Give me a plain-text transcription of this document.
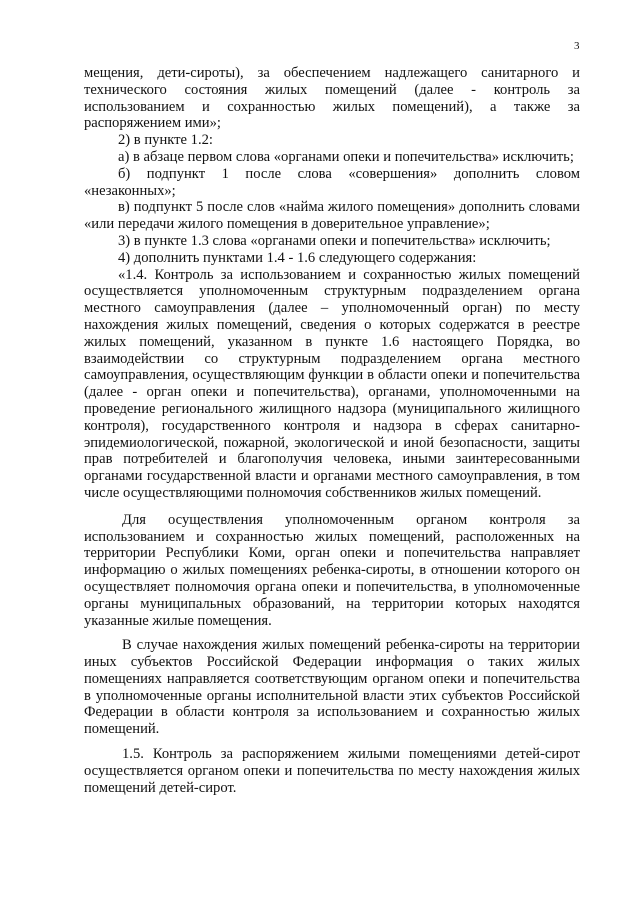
3

мещения, дети-сироты), за обеспечением надлежащего санитарного и технического состояния жилых помещений (далее - контроль за использованием и сохранностью жилых помещений), а также за распоряжением ими»;

2) в пункте 1.2:

а) в абзаце первом слова «органами опеки и попечительства» исключить;

б) подпункт 1 после слова «совершения» дополнить словом «незаконных»;

в) подпункт 5 после слов «найма жилого помещения» дополнить словами «или передачи жилого помещения в доверительное управление»;

3) в пункте 1.3 слова «органами опеки и попечительства» исключить;

4) дополнить пунктами 1.4 - 1.6 следующего содержания:

«1.4. Контроль за использованием и сохранностью жилых помещений осуществляется уполномоченным структурным подразделением органа местного самоуправления (далее – уполномоченный орган) по месту нахождения жилых помещений, сведения о которых содержатся в реестре жилых помещений, указанном в пункте 1.6 настоящего Порядка, во взаимодействии со структурным подразделением органа местного самоуправления, осуществляющим функции в области опеки и попечительства (далее - орган опеки и попечительства), органами, уполномоченными на проведение регионального жилищного надзора (муниципального жилищного контроля), государственного контроля и надзора в сферах санитарно-эпидемиологической, пожарной, экологической и иной безопасности, защиты прав потребителей и благополучия человека, иными заинтересованными органами государственной власти и органами местного самоуправления, в том числе осуществляющими полномочия собственников жилых помещений.

Для осуществления уполномоченным органом контроля за использованием и сохранностью жилых помещений, расположенных на территории Республики Коми, орган опеки и попечительства направляет информацию о жилых помещениях ребенка-сироты, в отношении которого он осуществляет полномочия органа опеки и попечительства, в уполномоченные органы муниципальных образований, на территории которых находятся указанные жилые помещения.

В случае нахождения жилых помещений ребенка-сироты на территории иных субъектов Российской Федерации информация о таких жилых помещениях направляется соответствующим органом опеки и попечительства в уполномоченные органы исполнительной власти этих субъектов Российской Федерации в области контроля за использованием и сохранностью жилых помещений.

1.5. Контроль за распоряжением жилыми помещениями детей-сирот осуществляется органом опеки и попечительства по месту нахождения жилых помещений детей-сирот.
